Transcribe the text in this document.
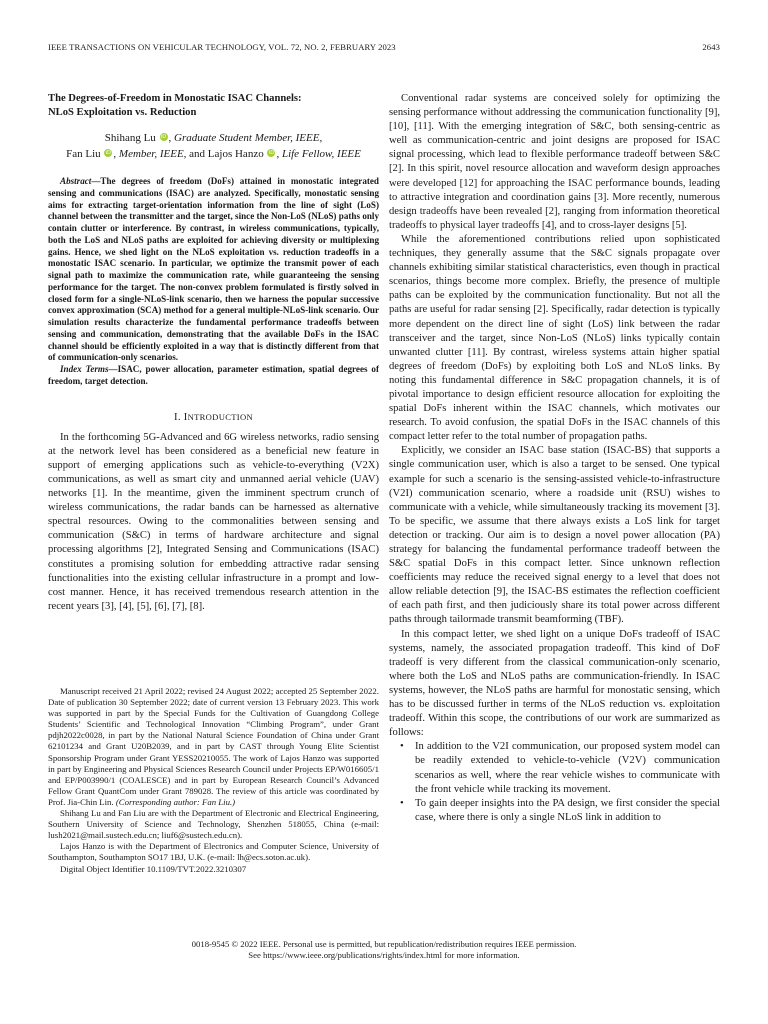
IEEE TRANSACTIONS ON VEHICULAR TECHNOLOGY, VOL. 72, NO. 2, FEBRUARY 2023	2643

The Degrees-of-Freedom in Monostatic ISAC Channels:
NLoS Exploitation vs. Reduction

Shihang Lu iD , Graduate Student Member, IEEE,
Fan Liu iD , Member, IEEE, and Lajos Hanzo iD , Life Fellow, IEEE

Abstract—The degrees of freedom (DoFs) attained in monostatic integrated sensing and communications (ISAC) are analyzed. Specifically, monostatic sensing aims for extracting target-orientation information from the line of sight (LoS) channel between the transmitter and the target, since the Non-LoS (NLoS) paths only contain clutter or interference. By contrast, in wireless communications, typically, both the LoS and NLoS paths are exploited for achieving diversity or multiplexing gains. Hence, we shed light on the NLoS exploitation vs. reduction tradeoffs in a monostatic ISAC scenario. In particular, we optimize the transmit power of each signal path to maximize the communication rate, while guaranteeing the sensing performance for the target. The non-convex problem formulated is firstly solved in closed form for a single-NLoS-link scenario, then we harness the popular successive convex approximation (SCA) method for a general multiple-NLoS-link scenario. Our simulation results characterize the fundamental performance tradeoffs between sensing and communication, demonstrating that the available DoFs in the ISAC channel should be efficiently exploited in a way that is distinctly different from that of communication-only scenarios.

Index Terms—ISAC, power allocation, parameter estimation, spatial degrees of freedom, target detection.

I. INTRODUCTION

In the forthcoming 5G-Advanced and 6G wireless networks, radio sensing at the network level has been considered as a beneficial new feature in support of emerging applications such as vehicle-to-everything (V2X) communications, as well as smart city and unmanned aerial vehicle (UAV) networks [1]. In the meantime, given the imminent spectrum crunch of wireless communications, the radar bands can be harnessed as alternative spectral resources. Owing to the commonalities between sensing and communication (S&C) in terms of hardware architecture and signal processing algorithms [2], Integrated Sensing and Communications (ISAC) constitutes a promising solution for embedding attractive radar sensing functionalities into the existing cellular infrastructure in a prompt and low-cost manner. Hence, it has received tremendous research attention in the recent years [3], [4], [5], [6], [7], [8].

Manuscript received 21 April 2022; revised 24 August 2022; accepted 25 September 2022. Date of publication 30 September 2022; date of current version 13 February 2023. This work was supported in part by the Special Funds for the Cultivation of Guangdong College Students’ Scientific and Technological Innovation “Climbing Program”, under Grant pdjh2022c0028, in part by the National Natural Science Foundation of China under Grant 62101234 and Grant U20B2039, and in part by CAST through Young Elite Scientist Sponsorship Program under Grant YESS20210055. The work of Lajos Hanzo was supported in part by Engineering and Physical Sciences Research Council under Projects EP/W016605/1 and EP/P003990/1 (COALESCE) and in part by European Research Council’s Advanced Fellow Grant QuantCom under Grant 789028. The review of this article was coordinated by Prof. Jia-Chin Lin. (Corresponding author: Fan Liu.)

Shihang Lu and Fan Liu are with the Department of Electronic and Electrical Engineering, Southern University of Science and Technology, Shenzhen 518055, China (e-mail: lush2021@mail.sustech.edu.cn; liuf6@sustech.edu.cn).

Lajos Hanzo is with the Department of Electronics and Computer Science, University of Southampton, Southampton SO17 1BJ, U.K. (e-mail: lh@ecs.soton.ac.uk).

Digital Object Identifier 10.1109/TVT.2022.3210307

Conventional radar systems are conceived solely for optimizing the sensing performance without addressing the communication functionality [9], [10], [11]. With the emerging integration of S&C, both sensing-centric as well as communication-centric and joint designs are proposed for ISAC signal processing, which lead to flexible performance tradeoff between S&C [2]. In this spirit, novel resource allocation and waveform design approaches were developed [12] for approaching the ISAC performance bounds, leading to attractive integration and coordination gains [3]. More recently, numerous design tradeoffs have been revealed [2], ranging from information theoretical tradeoffs to physical layer tradeoffs [4], and to cross-layer designs [5].

While the aforementioned contributions relied upon sophisticated techniques, they generally assume that the S&C signals propagate over channels exhibiting similar statistical characteristics, even though in practical scenarios, things become more complex. Briefly, the presence of multiple paths can be exploited by the communication functionality. But not all the paths are useful for radar sensing [2]. Specifically, radar detection is typically more dependent on the direct line of sight (LoS) link between the radar transceiver and the target, since Non-LoS (NLoS) links typically contain unwanted clutter [11]. By contrast, wireless systems attain higher spatial degrees of freedom (DoFs) by exploiting both LoS and NLoS links. By noting this fundamental difference in S&C propagation channels, it is of pivotal importance to design efficient resource allocation for exploiting the spatial DoFs inherent within the ISAC channels, which motivates our research. To avoid confusion, the spatial DoFs in the ISAC channels of this compact letter refer to the total number of propagation paths.

Explicitly, we consider an ISAC base station (ISAC-BS) that supports a single communication user, which is also a target to be sensed. One typical example for such a scenario is the sensing-assisted vehicle-to-infrastructure (V2I) communication scenario, where a roadside unit (RSU) wishes to communicate with a vehicle, while simultaneously tracking its movement [3]. To be specific, we assume that there always exists a LoS link for target detection or tracking. Our aim is to design a novel power allocation (PA) strategy for balancing the fundamental performance tradeoff between the S&C spatial DoFs in this compact letter. Since unknown reflection coefficients may reduce the received signal energy to a level that does not allow reliable detection [9], the ISAC-BS estimates the reflection coefficient of each path first, and then judiciously share its total power across different paths through tailormade transmit beamforming (TBF).

In this compact letter, we shed light on a unique DoFs tradeoff of ISAC systems, namely, the associated propagation tradeoff. This kind of DoF tradeoff is very different from the classical communication-only scenario, where both the LoS and NLoS paths are communication-friendly. In ISAC systems, however, the NLoS paths are harmful for monostatic sensing, which has to be discussed further in terms of the NLoS reduction vs. exploitation tradeoff. Within this scope, the contributions of our work are summarized as follows:

• In addition to the V2I communication, our proposed system model can be readily extended to vehicle-to-vehicle (V2V) communication scenarios as well, where the rear vehicle wishes to communicate with the front vehicle while tracking its movement.
• To gain deeper insights into the PA design, we first consider the special case, where there is only a single NLoS link in addition to
0018-9545 © 2022 IEEE. Personal use is permitted, but republication/redistribution requires IEEE permission.
See https://www.ieee.org/publications/rights/index.html for more information.
